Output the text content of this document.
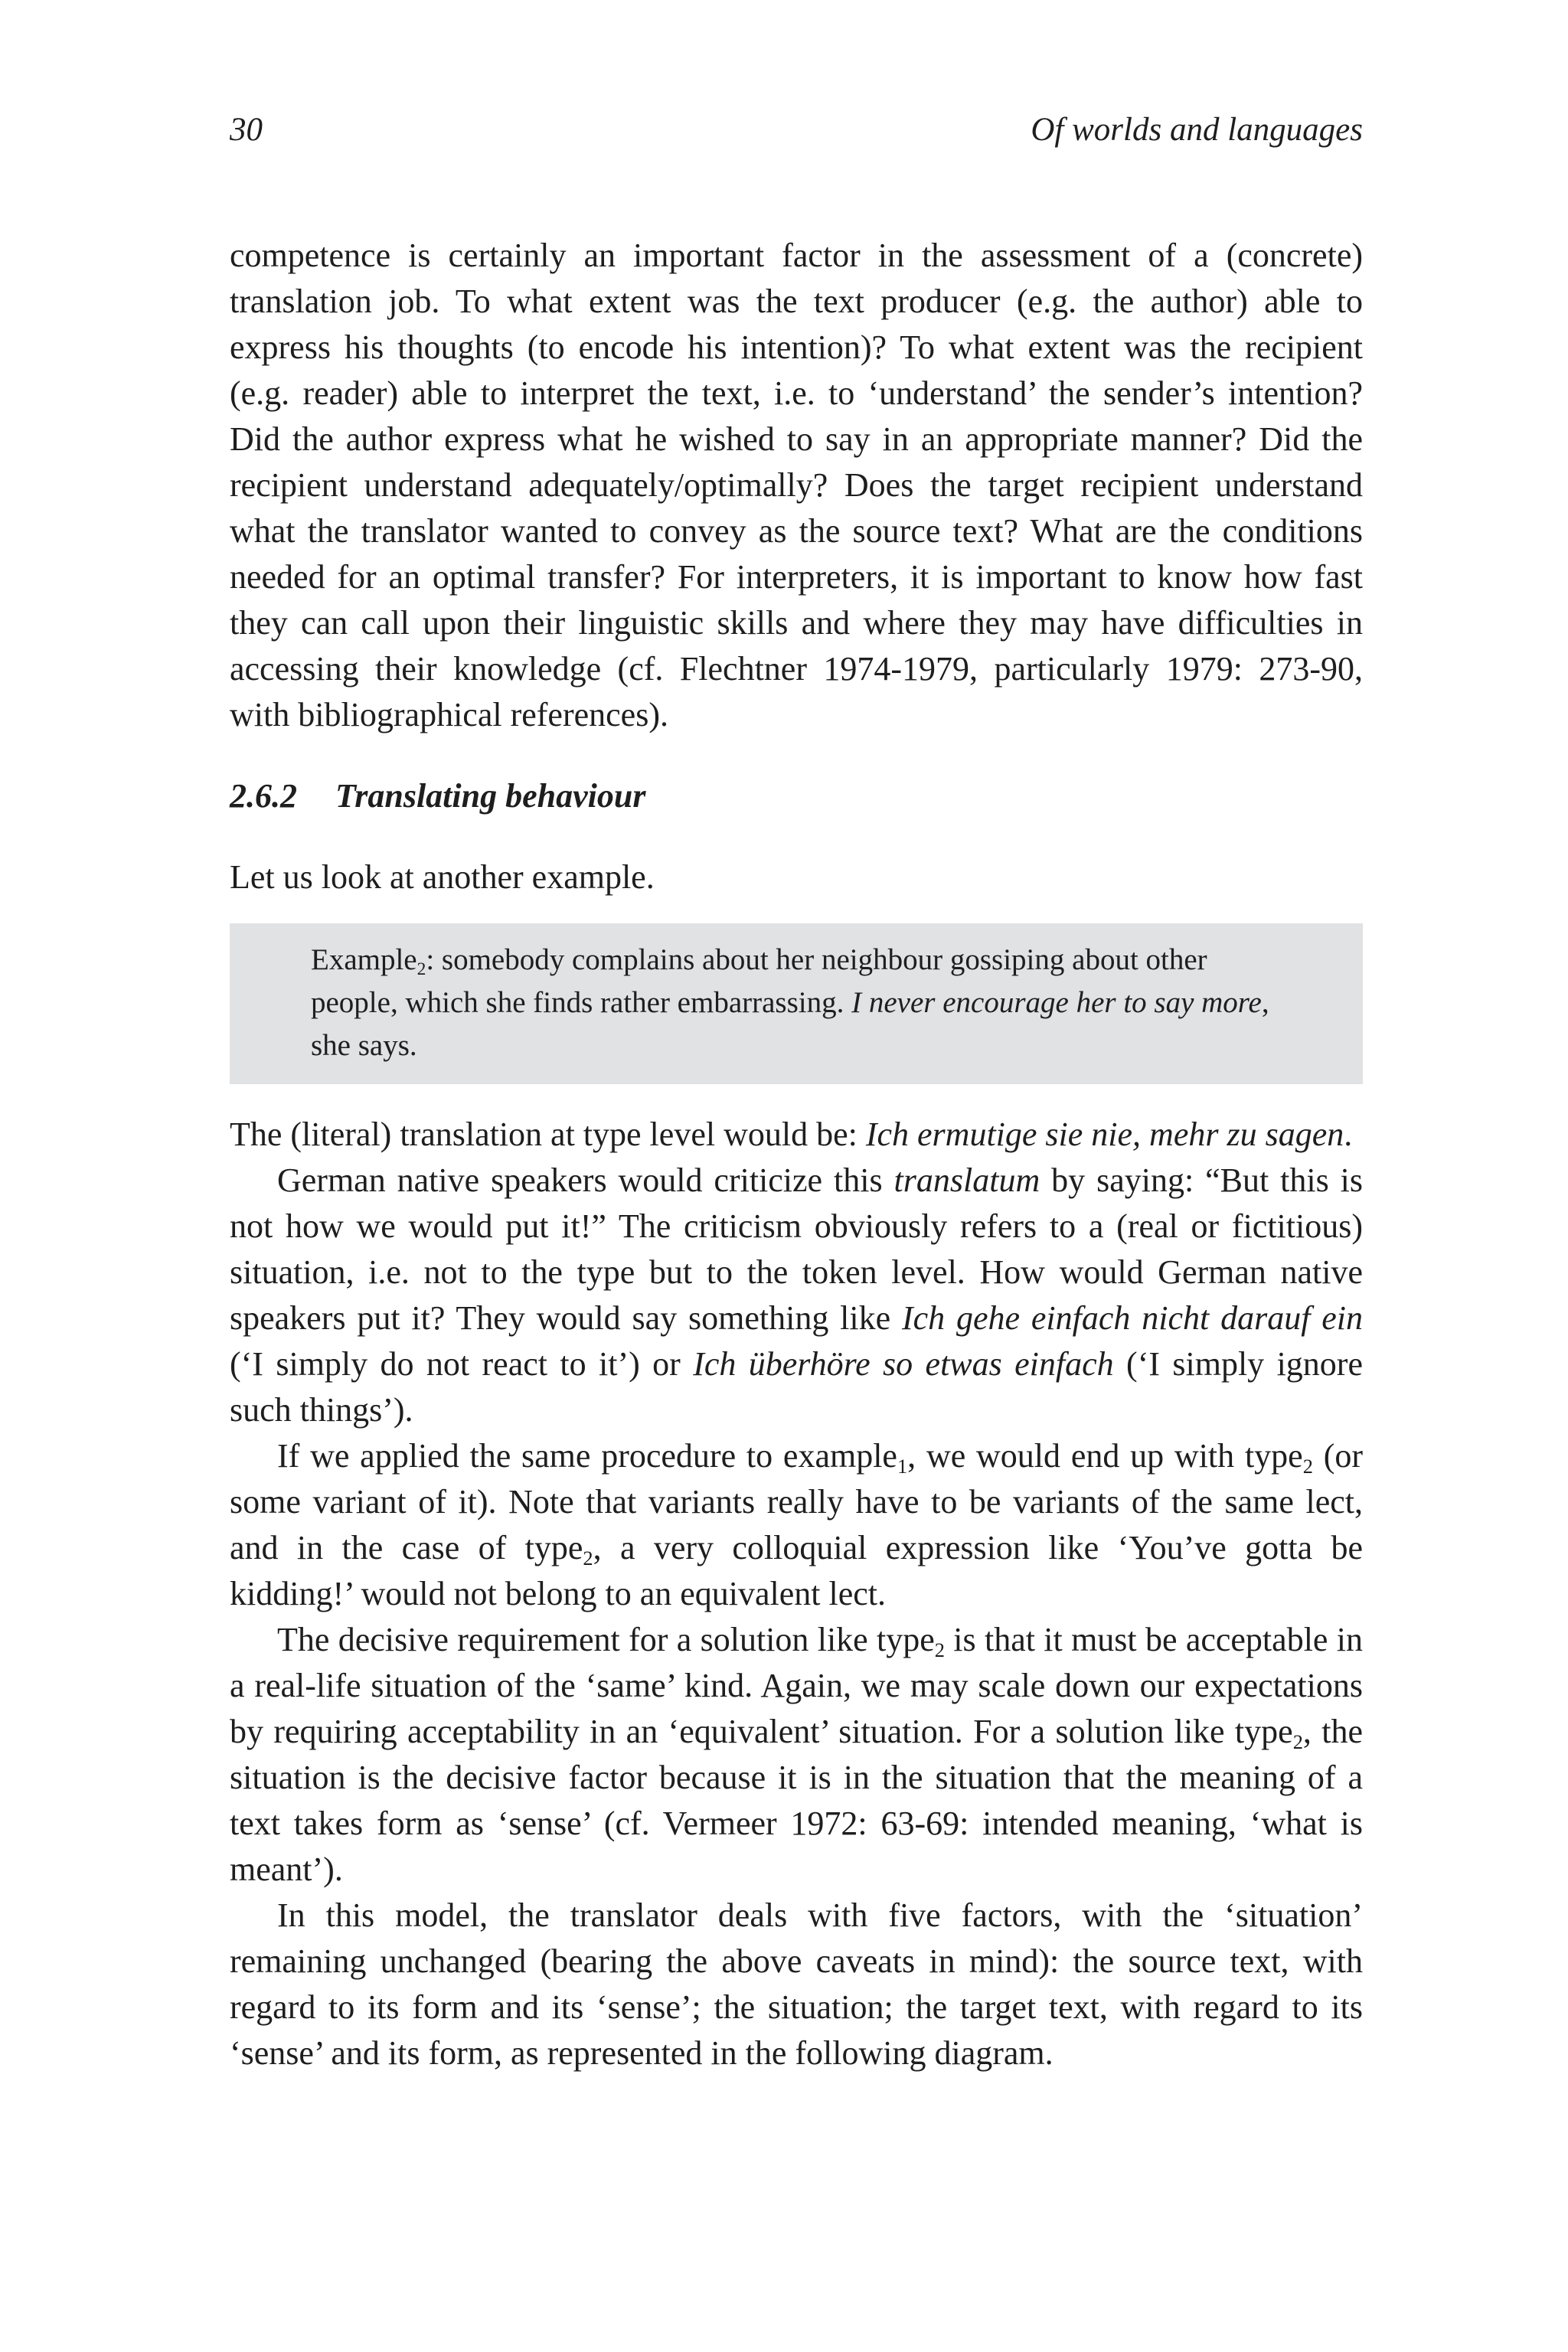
30	Of worlds and languages

competence is certainly an important factor in the assessment of a (concrete) translation job. To what extent was the text producer (e.g. the author) able to express his thoughts (to encode his intention)? To what extent was the recipient (e.g. reader) able to interpret the text, i.e. to ‘understand’ the sender’s intention? Did the author express what he wished to say in an appropriate manner? Did the recipient understand adequately/optimally? Does the target recipient understand what the translator wanted to convey as the source text? What are the conditions needed for an optimal transfer? For interpreters, it is important to know how fast they can call upon their linguistic skills and where they may have difficulties in accessing their knowledge (cf. Flechtner 1974-1979, particularly 1979: 273-90, with bibliographical references).

2.6.2 Translating behaviour

Let us look at another example.

Example$_2$: somebody complains about her neighbour gossiping about other people, which she finds rather embarrassing. I never encourage her to say more, she says.

The (literal) translation at type level would be: Ich ermutige sie nie, mehr zu sagen.

German native speakers would criticize this translatum by saying: “But this is not how we would put it!” The criticism obviously refers to a (real or fictitious) situation, i.e. not to the type but to the token level. How would German native speakers put it? They would say something like Ich gehe einfach nicht darauf ein (‘I simply do not react to it’) or Ich überhöre so etwas einfach (‘I simply ignore such things’).

If we applied the same procedure to example$_1$, we would end up with type$_2$ (or some variant of it). Note that variants really have to be variants of the same lect, and in the case of type$_2$, a very colloquial expression like ‘You’ve gotta be kidding!’ would not belong to an equivalent lect.

The decisive requirement for a solution like type$_2$ is that it must be acceptable in a real-life situation of the ‘same’ kind. Again, we may scale down our expectations by requiring acceptability in an ‘equivalent’ situation. For a solution like type$_2$, the situation is the decisive factor because it is in the situation that the meaning of a text takes form as ‘sense’ (cf. Vermeer 1972: 63-69: intended meaning, ‘what is meant’).

In this model, the translator deals with five factors, with the ‘situation’ remaining unchanged (bearing the above caveats in mind): the source text, with regard to its form and its ‘sense’; the situation; the target text, with regard to its ‘sense’ and its form, as represented in the following diagram.
